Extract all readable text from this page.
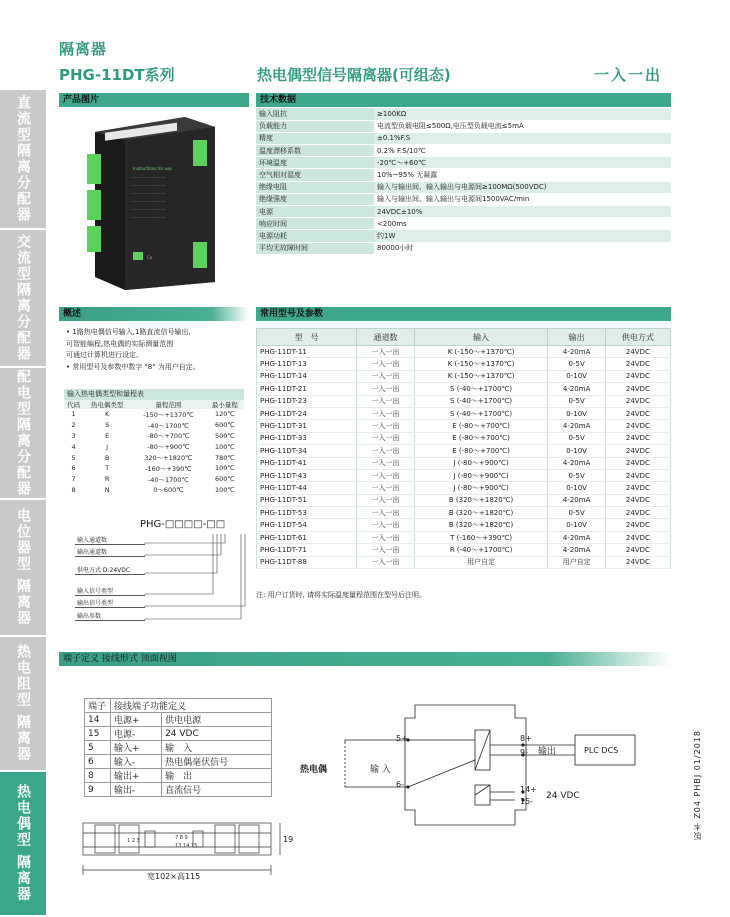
隔离器
PHG-11DT系列	热电偶型信号隔离器(可组态)	一入一出
直流型隔离分配器
交流型隔离分配器
配电型隔离分配器
电位器型 隔离器
热电阻型 隔离器
热电偶型 隔离器
产品图片
Instructions for use
...........................
...........................
...........................
...........................
...........................
...........................
Co
技术数据
输入阻抗	≥100KΩ
负载能力	电流型负载电阻≤500Ω,电压型负载电流≤5mA
精度	±0.1%F.S
温度漂移系数	0.2% F.S/10℃
环境温度	-20℃～+60℃
空气相对湿度	10%~95% 无凝露
绝缘电阻	输入与输出间、输入输出与电源间≥100MΩ(500VDC)
绝缘强度	输入与输出间、输入输出与电源间1500VAC/min
电源	24VDC±10%
响应时间	<200ms
电源功耗	约1W
平均无故障时间	80000小时
概述
• 1路热电偶信号输入,1路直流信号输出,
可智能编程,热电偶的实际测量范围
可通过计算机进行设定。
• 常用型号及参数中数字 "8" 为用户自定。
输入热电偶类型和量程表
代码	热电偶类型	量程范围	最小量程
1	K	-150～+1370℃	120℃
2	S	-40～1700℃	600℃
3	E	-80～+700℃	500℃
4	J	-80～+900℃	100℃
5	B	320～+1820℃	780℃
6	T	-160～+390℃	100℃
7	R	-40～1700℃	600℃
8	N	0～600℃	100℃
PHG-□□□□-□□
输入通道数
输出通道数
供电方式 D:24VDC
输入信号类型
输出信号类型
输出参数
常用型号及参数
型　号	通道数	输入	输出	供电方式
PHG-11DT-11	一入一出	K (-150～+1370℃)	4-20mA	24VDC
PHG-11DT-13	一入一出	K (-150～+1370℃)	0-5V	24VDC
PHG-11DT-14	一入一出	K (-150～+1370℃)	0-10V	24VDC
PHG-11DT-21	一入一出	S (-40～+1700℃)	4-20mA	24VDC
PHG-11DT-23	一入一出	S (-40～+1700℃)	0-5V	24VDC
PHG-11DT-24	一入一出	S (-40～+1700℃)	0-10V	24VDC
PHG-11DT-31	一入一出	E (-80～+700℃)	4-20mA	24VDC
PHG-11DT-33	一入一出	E (-80～+700℃)	0-5V	24VDC
PHG-11DT-34	一入一出	E (-80～+700℃)	0-10V	24VDC
PHG-11DT-41	一入一出	J (-80～+900℃)	4-20mA	24VDC
PHG-11DT-43	一入一出	J (-80～+900℃)	0-5V	24VDC
PHG-11DT-44	一入一出	J (-80～+900℃)	0-10V	24VDC
PHG-11DT-51	一入一出	B (320～+1820℃)	4-20mA	24VDC
PHG-11DT-53	一入一出	B (320～+1820℃)	0-5V	24VDC
PHG-11DT-54	一入一出	B (320～+1820℃)	0-10V	24VDC
PHG-11DT-61	一入一出	T (-160～+390℃)	4-20mA	24VDC
PHG-11DT-71	一入一出	R (-40～+1700℃)	4-20mA	24VDC
PHG-11DT-88	一入一出	用户自定	用户自定	24VDC
注: 用户订货时, 请将实际温度量程范围在型号后注明。
端子定义 接线形式 顶面视图
端子	接线端子功能定义	
14	电源+	供电电源
15	电源-	24 VDC
5	输入+	输　入
6	输入-	热电偶毫伏信号
8	输出+	输　出
9	输出-	直流信号
热电偶	输 入
5+
6-
8+
9- 输出	PLC DCS
14+
15-
24 VDC
1 2 3	7 8 9
13 14 15
宽102×高115
19	版本 Z04 PHBJ 01/2018
